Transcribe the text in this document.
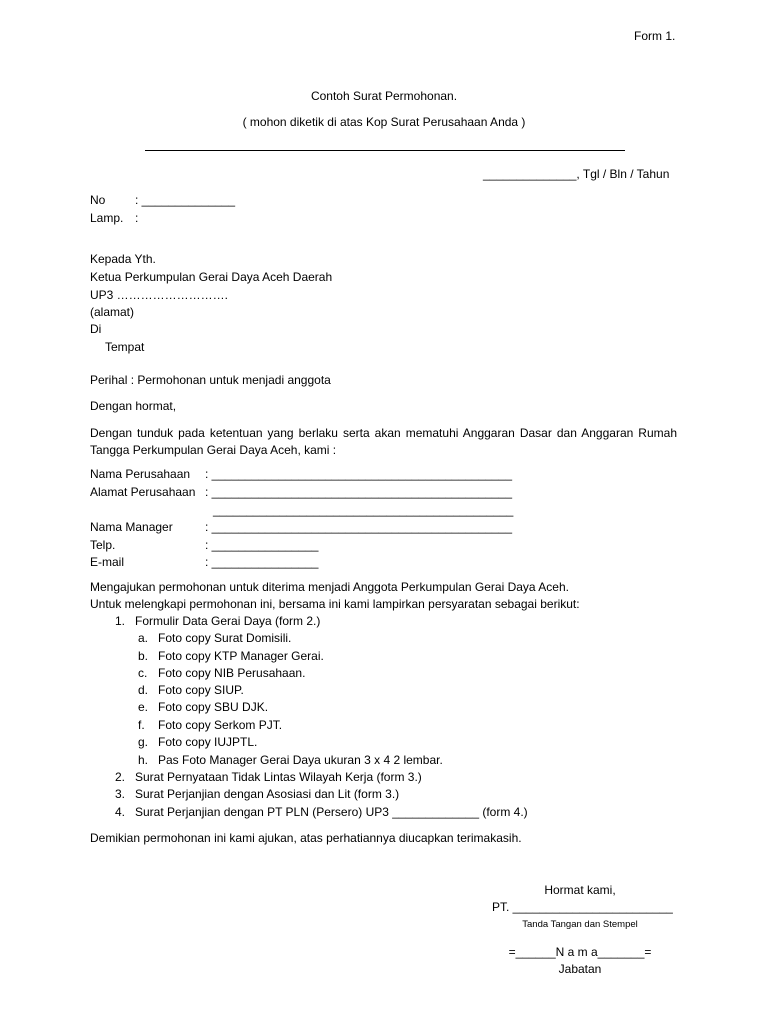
Form 1.
Contoh Surat Permohonan.
( mohon diketik di atas Kop Surat Perusahaan Anda )
______________, Tgl / Bln / Tahun
No : ______________
Lamp. :
Kepada Yth.
Ketua Perkumpulan Gerai Daya Aceh Daerah
UP3 ……………………….
(alamat)
Di
Tempat
Perihal : Permohonan untuk menjadi anggota
Dengan hormat,
Dengan tunduk pada ketentuan yang berlaku serta akan mematuhi Anggaran Dasar dan Anggaran Rumah Tangga Perkumpulan Gerai Daya Aceh, kami :
Nama Perusahaan : _____________________________________________
Alamat Perusahaan : _____________________________________________
_____________________________________________
Nama Manager	: _____________________________________________
Telp.	: ________________
E-mail	: ________________
Mengajukan permohonan untuk diterima menjadi Anggota Perkumpulan Gerai Daya Aceh.
Untuk melengkapi permohonan ini, bersama ini kami lampirkan persyaratan sebagai berikut:
1. Formulir Data Gerai Daya (form 2.)
a. Foto copy Surat Domisili.
b. Foto copy KTP Manager Gerai.
c. Foto copy NIB Perusahaan.
d. Foto copy SIUP.
e. Foto copy SBU DJK.
f. Foto copy Serkom PJT.
g. Foto copy IUJPTL.
h. Pas Foto Manager Gerai Daya ukuran 3 x 4 2 lembar.
2. Surat Pernyataan Tidak Lintas Wilayah Kerja (form 3.)
3. Surat Perjanjian dengan Asosiasi dan Lit (form 3.)
4. Surat Perjanjian dengan PT PLN (Persero) UP3 _____________ (form 4.)
Demikian permohonan ini kami ajukan, atas perhatiannya diucapkan terimakasih.
Hormat kami,
PT. ________________________
Tanda Tangan dan Stempel
=______N a m a_______=
Jabatan
